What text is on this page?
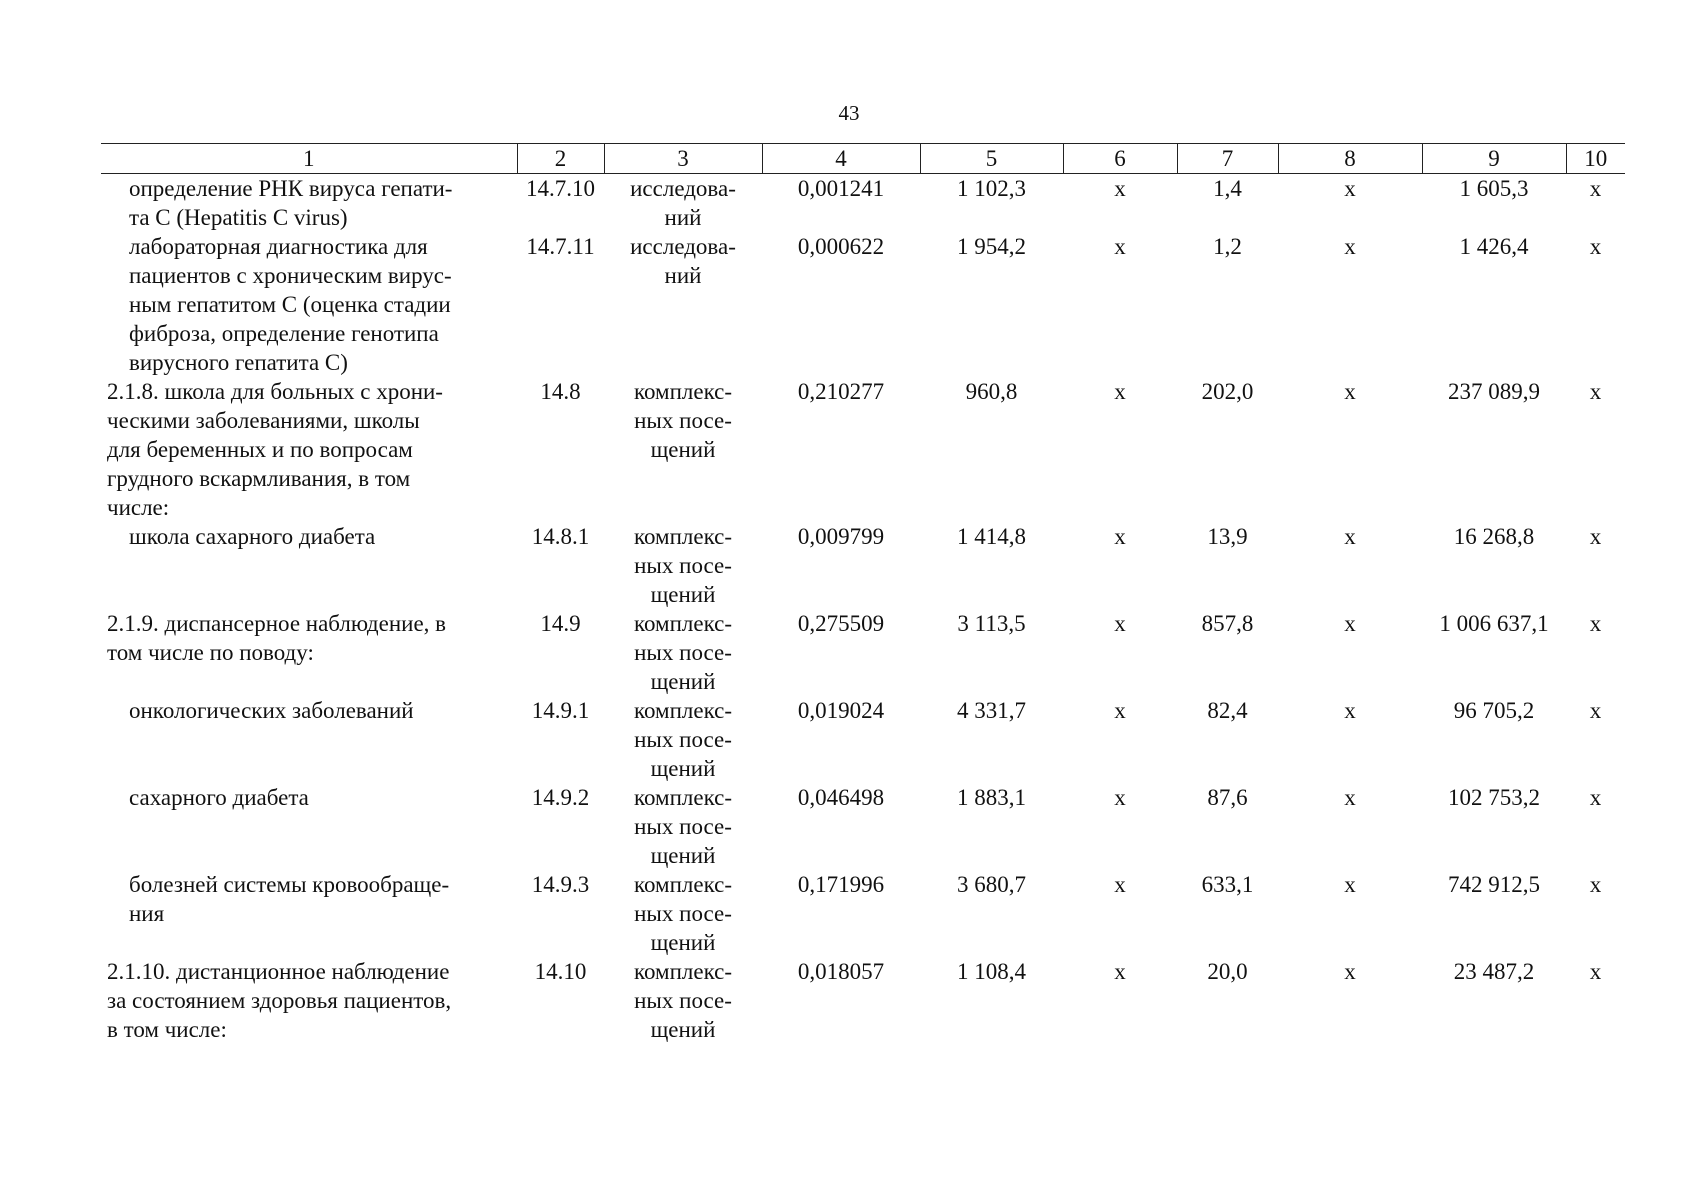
43
1	2	3	4	5	6	7	8	9	10
определение РНК вируса гепати-
та С (Hepatitis C virus)	14.7.10	исследова-
ний	0,001241	1 102,3	х	1,4	х	1 605,3	х
лабораторная диагностика для
пациентов с хроническим вирус-
ным гепатитом С (оценка стадии
фиброза, определение генотипа
вирусного гепатита С)	14.7.11	исследова-
ний	0,000622	1 954,2	х	1,2	х	1 426,4	х
2.1.8. школа для больных с хрони-
ческими заболеваниями, школы
для беременных и по вопросам
грудного вскармливания, в том
числе:	14.8	комплекс-
ных посе-
щений	0,210277	960,8	х	202,0	х	237 089,9	х
школа сахарного диабета	14.8.1	комплекс-
ных посе-
щений	0,009799	1 414,8	х	13,9	х	16 268,8	х
2.1.9. диспансерное наблюдение, в
том числе по поводу:	14.9	комплекс-
ных посе-
щений	0,275509	3 113,5	х	857,8	х	1 006 637,1	х
онкологических заболеваний	14.9.1	комплекс-
ных посе-
щений	0,019024	4 331,7	х	82,4	х	96 705,2	х
сахарного диабета	14.9.2	комплекс-
ных посе-
щений	0,046498	1 883,1	х	87,6	х	102 753,2	х
болезней системы кровообраще-
ния	14.9.3	комплекс-
ных посе-
щений	0,171996	3 680,7	х	633,1	х	742 912,5	х
2.1.10. дистанционное наблюдение
за состоянием здоровья пациентов,
в том числе:	14.10	комплекс-
ных посе-
щений	0,018057	1 108,4	х	20,0	х	23 487,2	х
